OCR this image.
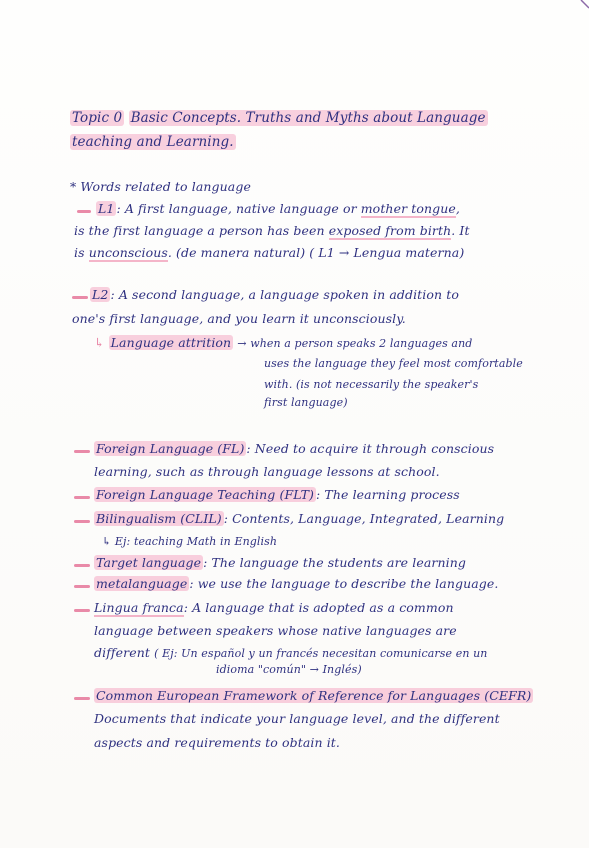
Topic 0 Basic Concepts. Truths and Myths about Language
teaching and Learning.
* Words related to language
L1 : A first language, native language or mother tongue,
is the first language a person has been exposed from birth. It
is unconscious. (de manera natural) ( L1 → Lengua materna)
L2 : A second language, a language spoken in addition to
one's first language, and you learn it unconsciously.
↳ Language attrition → when a person speaks 2 languages and
uses the language they feel most comfortable
with. (is not necessarily the speaker's
first language)
Foreign Language (FL) : Need to acquire it through conscious
learning, such as through language lessons at school.
Foreign Language Teaching (FLT) : The learning process
Bilingualism (CLIL) : Contents, Language, Integrated, Learning
↳ Ej: teaching Math in English
Target language : The language the students are learning
metalanguage : we use the language to describe the language.
Lingua franca: A language that is adopted as a common
language between speakers whose native languages are
different ( Ej: Un español y un francés necesitan comunicarse en un
idioma "común" → Inglés)
Common European Framework of Reference for Languages (CEFR)
Documents that indicate your language level, and the different
aspects and requirements to obtain it.
